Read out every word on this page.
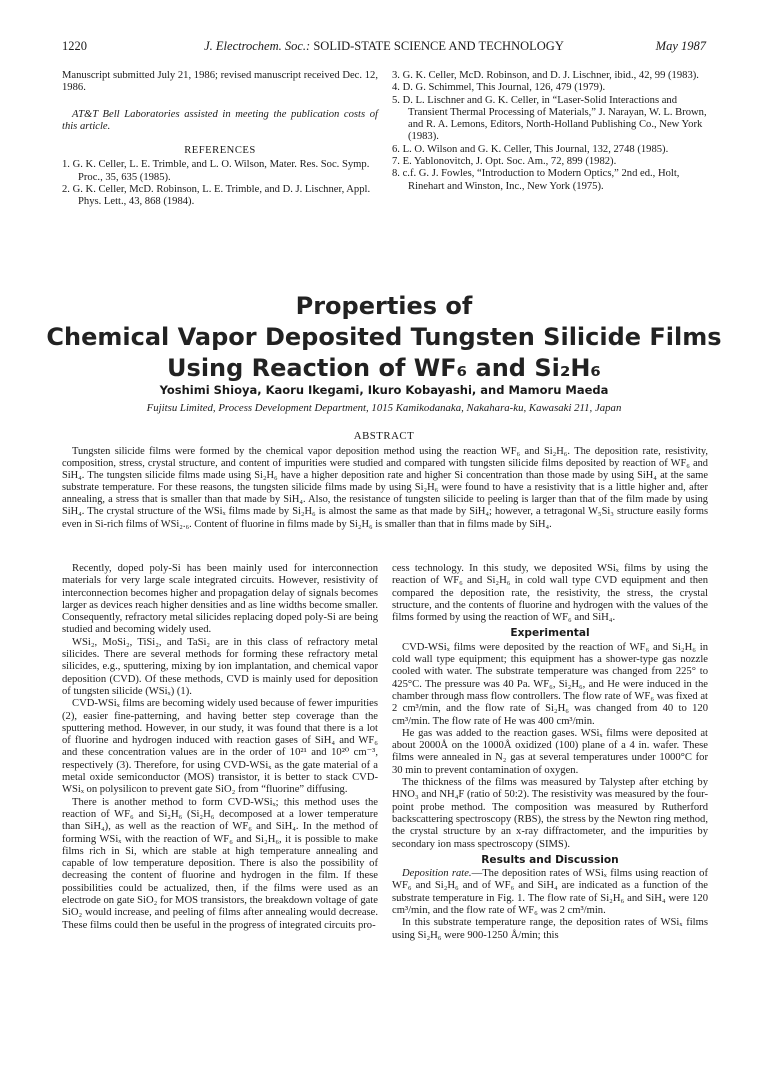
1220	J. Electrochem. Soc.: SOLID-STATE SCIENCE AND TECHNOLOGY	May 1987

Manuscript submitted July 21, 1986; revised manuscript received Dec. 12, 1986.

AT&T Bell Laboratories assisted in meeting the publication costs of this article.

REFERENCES
1. G. K. Celler, L. E. Trimble, and L. O. Wilson, Mater. Res. Soc. Symp. Proc., 35, 635 (1985).
2. G. K. Celler, McD. Robinson, L. E. Trimble, and D. J. Lischner, Appl. Phys. Lett., 43, 868 (1984).
3. G. K. Celler, McD. Robinson, and D. J. Lischner, ibid., 42, 99 (1983).
4. D. G. Schimmel, This Journal, 126, 479 (1979).
5. D. L. Lischner and G. K. Celler, in “Laser-Solid Interactions and Transient Thermal Processing of Materials,” J. Narayan, W. L. Brown, and R. A. Lemons, Editors, North-Holland Publishing Co., New York (1983).
6. L. O. Wilson and G. K. Celler, This Journal, 132, 2748 (1985).
7. E. Yablonovitch, J. Opt. Soc. Am., 72, 899 (1982).
8. c.f. G. J. Fowles, “Introduction to Modern Optics,” 2nd ed., Holt, Rinehart and Winston, Inc., New York (1975).
Properties of
Chemical Vapor Deposited Tungsten Silicide Films
Using Reaction of WF₆ and Si₂H₆
Yoshimi Shioya, Kaoru Ikegami, Ikuro Kobayashi, and Mamoru Maeda
Fujitsu Limited, Process Development Department, 1015 Kamikodanaka, Nakahara-ku, Kawasaki 211, Japan
ABSTRACT

Tungsten silicide films were formed by the chemical vapor deposition method using the reaction WF₆ and Si₂H₆. The deposition rate, resistivity, composition, stress, crystal structure, and content of impurities were studied and compared with tungsten silicide films deposited by reaction of WF₆ and SiH₄. The tungsten silicide films made using Si₂H₆ have a higher deposition rate and higher Si concentration than those made by using SiH₄ at the same substrate temperature. For these reasons, the tungsten silicide films made by using Si₂H₆ were found to have a resistivity that is a little higher and, after annealing, a stress that is smaller than that made by SiH₄. Also, the resistance of tungsten silicide to peeling is larger than that of the film made by using SiH₄. The crystal structure of the WSiₓ films made by Si₂H₆ is almost the same as that made by SiH₄; however, a tetragonal W₅Si₃ structure easily forms even in Si-rich films of WSi₂.₆. Content of fluorine in films made by Si₂H₆ is smaller than that in films made by SiH₄.

Recently, doped poly-Si has been mainly used for interconnection materials for very large scale integrated circuits. However, resistivity of interconnection becomes higher and propagation delay of signals becomes larger as devices reach higher densities and as line widths become smaller. Consequently, refractory metal silicides replacing doped poly-Si are being studied and becoming widely used.

WSi₂, MoSi₂, TiSi₂, and TaSi₂ are in this class of refractory metal silicides. There are several methods for forming these refractory metal silicides, e.g., sputtering, mixing by ion implantation, and chemical vapor deposition (CVD). Of these methods, CVD is mainly used for deposition of tungsten silicide (WSiₓ) (1).

CVD-WSiₓ films are becoming widely used because of fewer impurities (2), easier fine-patterning, and having better step coverage than the sputtering method. However, in our study, it was found that there is a lot of fluorine and hydrogen induced with reaction gases of SiH₄ and WF₆ and these concentration values are in the order of 10²¹ and 10²⁰ cm⁻³, respectively (3). Therefore, for using CVD-WSiₓ as the gate material of a metal oxide semiconductor (MOS) transistor, it is better to stack CVD-WSiₓ on polysilicon to prevent gate SiO₂ from “fluorine” diffusing.

There is another method to form CVD-WSiₓ; this method uses the reaction of WF₆ and Si₂H₆ (Si₂H₆ decomposed at a lower temperature than SiH₄), as well as the reaction of WF₆ and SiH₄. In the method of forming WSiₓ with the reaction of WF₆ and Si₂H₆, it is possible to make films rich in Si, which are stable at high temperature annealing and capable of low temperature deposition. There is also the possibility of decreasing the content of fluorine and hydrogen in the film. If these possibilities could be actualized, then, if the films were used as an electrode on gate SiO₂ for MOS transistors, the breakdown voltage of gate SiO₂ would increase, and peeling of films after annealing would decrease. These films could then be useful in the progress of integrated circuits pro-

cess technology. In this study, we deposited WSiₓ films by using the reaction of WF₆ and Si₂H₆ in cold wall type CVD equipment and then compared the deposition rate, the resistivity, the stress, the crystal structure, and the contents of fluorine and hydrogen with the values of the films formed by using the reaction of WF₆ and SiH₄.

Experimental

CVD-WSiₓ films were deposited by the reaction of WF₆ and Si₂H₆ in cold wall type equipment; this equipment has a shower-type gas nozzle cooled with water. The substrate temperature was changed from 225° to 425°C. The pressure was 40 Pa. WF₆, Si₂H₆, and He were induced in the chamber through mass flow controllers. The flow rate of WF₆ was fixed at 2 cm³/min, and the flow rate of Si₂H₆ was changed from 40 to 120 cm³/min. The flow rate of He was 400 cm³/min.

He gas was added to the reaction gases. WSiₓ films were deposited at about 2000Å on the 1000Å oxidized (100) plane of a 4 in. wafer. These films were annealed in N₂ gas at several temperatures under 1000°C for 30 min to prevent contamination of oxygen.

The thickness of the films was measured by Talystep after etching by HNO₃ and NH₄F (ratio of 50:2). The resistivity was measured by the four-point probe method. The composition was measured by Rutherford backscattering spectroscopy (RBS), the stress by the Newton ring method, the crystal structure by an x-ray diffractometer, and the impurities by secondary ion mass spectroscopy (SIMS).

Results and Discussion

Deposition rate.—The deposition rates of WSiₓ films using reaction of WF₆ and Si₂H₆ and of WF₆ and SiH₄ are indicated as a function of the substrate temperature in Fig. 1. The flow rate of Si₂H₆ and SiH₄ were 120 cm³/min, and the flow rate of WF₆ was 2 cm³/min.

In this substrate temperature range, the deposition rates of WSiₓ films using Si₂H₆ were 900-1250 Å/min; this
